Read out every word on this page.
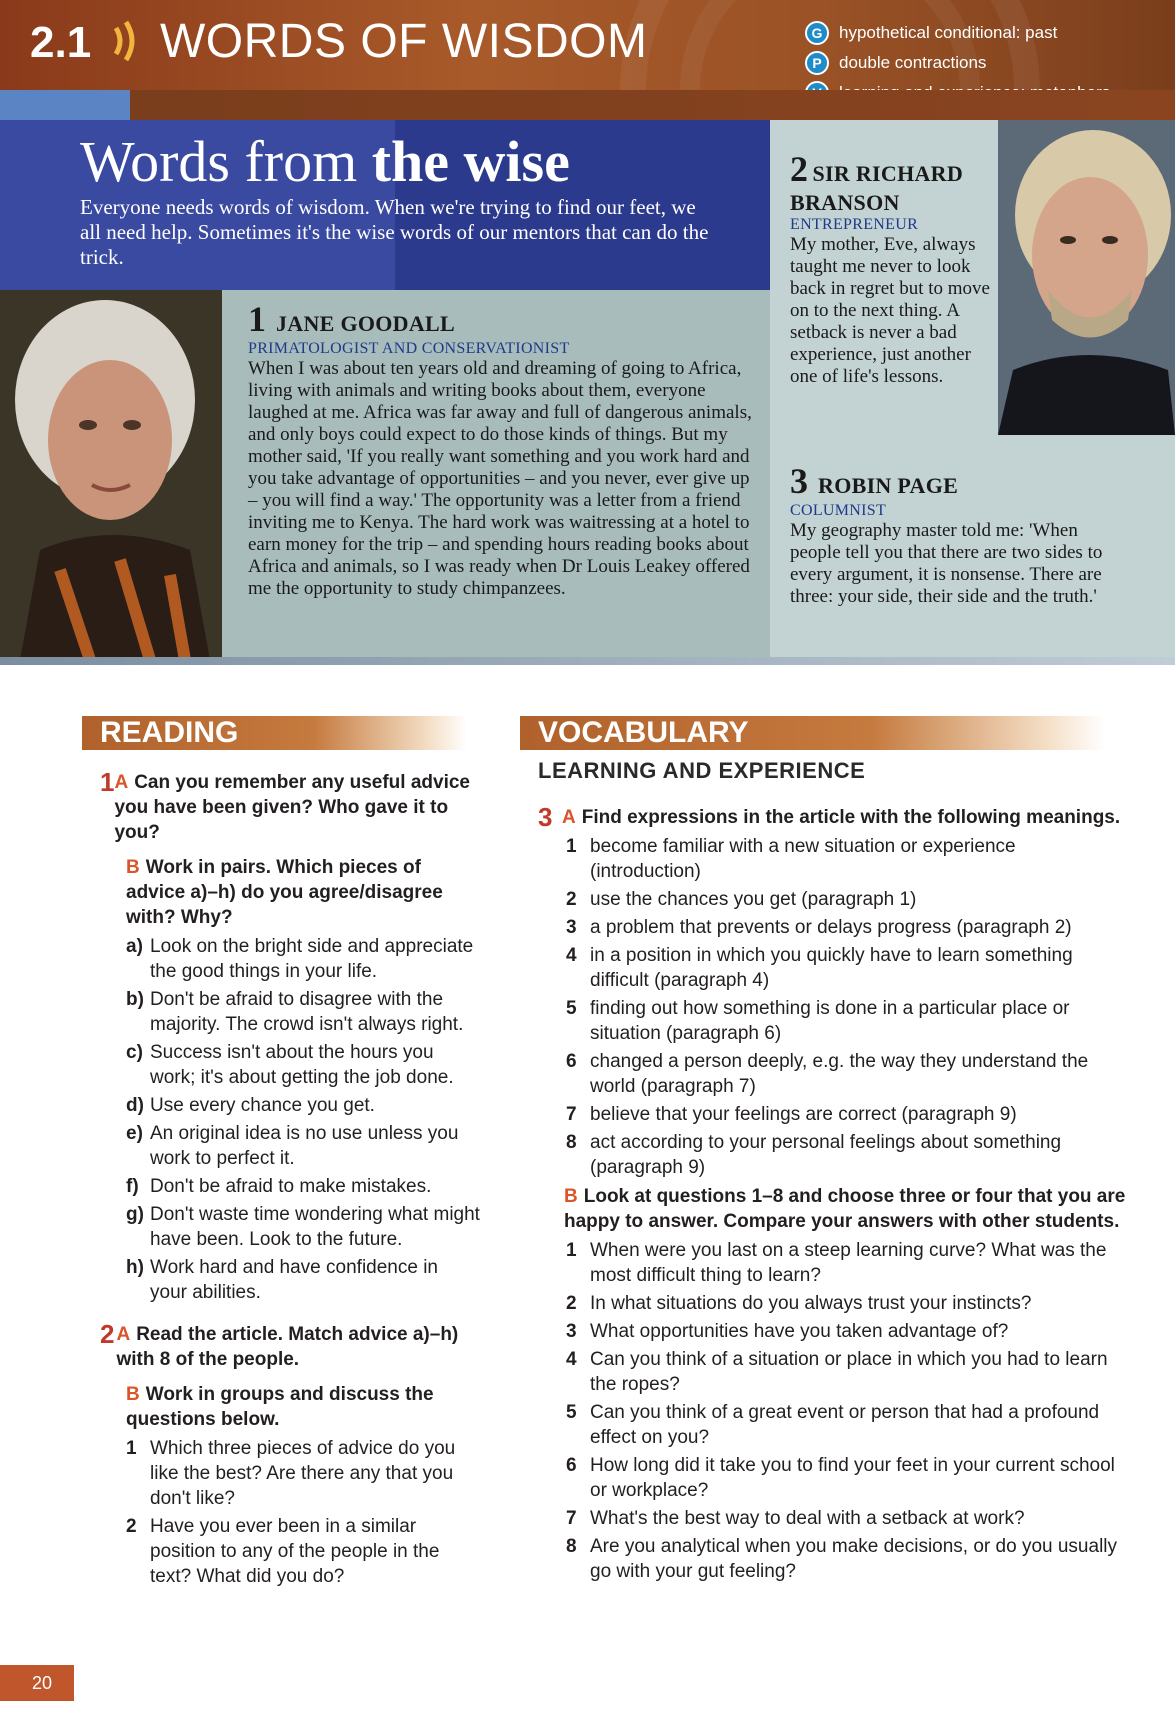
2.1 WORDS OF WISDOM	G hypothetical conditional: past
P	double contractions
Words from the wise
Everyone needs words of wisdom. When we're trying to find our feet, we all need help. Sometimes it's the wise words of our mentors that can do the trick.
1 JANE GOODALL
PRIMATOLOGIST AND CONSERVATIONIST
When I was about ten years old and dreaming of going to Africa, living with animals and writing books about them, everyone laughed at me. Africa was far away and full of dangerous animals, and only boys could expect to do those kinds of things. But my mother said, 'If you really want something and you work hard and you take advantage of opportunities – and you never, ever give up – you will find a way.' The opportunity was a letter from a friend inviting me to Kenya. The hard work was waitressing at a hotel to earn money for the trip – and spending hours reading books about Africa and animals, so I was ready when Dr Louis Leakey offered me the opportunity to study chimpanzees.
2 SIR RICHARD BRANSON
ENTREPRENEUR
My mother, Eve, always taught me never to look back in regret but to move on to the next thing. A setback is never a bad experience, just another one of life's lessons.
3 ROBIN PAGE
COLUMNIST
My geography master told me: 'When people tell you that there are two sides to every argument, it is nonsense. There are three: your side, their side and the truth.'
READING
1 A Can you remember any useful advice you have been given? Who gave it to you?
B Work in pairs. Which pieces of advice a)–h) do you agree/disagree with? Why?
a) Look on the bright side and appreciate the good things in your life.
b) Don't be afraid to disagree with the majority. The crowd isn't always right.
c) Success isn't about the hours you work; it's about getting the job done.
d) Use every chance you get.
e) An original idea is no use unless you work to perfect it.
f) Don't be afraid to make mistakes.
g) Don't waste time wondering what might have been. Look to the future.
h) Work hard and have confidence in your abilities.
2 A Read the article. Match advice a)–h) with 8 of the people.
B Work in groups and discuss the questions below.
1 Which three pieces of advice do you like the best? Are there any that you don't like?
2 Have you ever been in a similar position to any of the people in the text? What did you do?
VOCABULARY
LEARNING AND EXPERIENCE
3 A Find expressions in the article with the following meanings.
1 become familiar with a new situation or experience (introduction)
2 use the chances you get (paragraph 1)
3 a problem that prevents or delays progress (paragraph 2)
4 in a position in which you quickly have to learn something difficult (paragraph 4)
5 finding out how something is done in a particular place or situation (paragraph 6)
6 changed a person deeply, e.g. the way they understand the world (paragraph 7)
7 believe that your feelings are correct (paragraph 9)
8 act according to your personal feelings about something (paragraph 9)
B Look at questions 1–8 and choose three or four that you are happy to answer. Compare your answers with other students.
1 When were you last on a steep learning curve? What was the most difficult thing to learn?
2 In what situations do you always trust your instincts?
3 What opportunities have you taken advantage of?
4 Can you think of a situation or place in which you had to learn the ropes?
5 Can you think of a great event or person that had a profound effect on you?
6 How long did it take you to find your feet in your current school or workplace?
7 What's the best way to deal with a setback at work?
8 Are you analytical when you make decisions, or do you usually go with your gut feeling?
20
